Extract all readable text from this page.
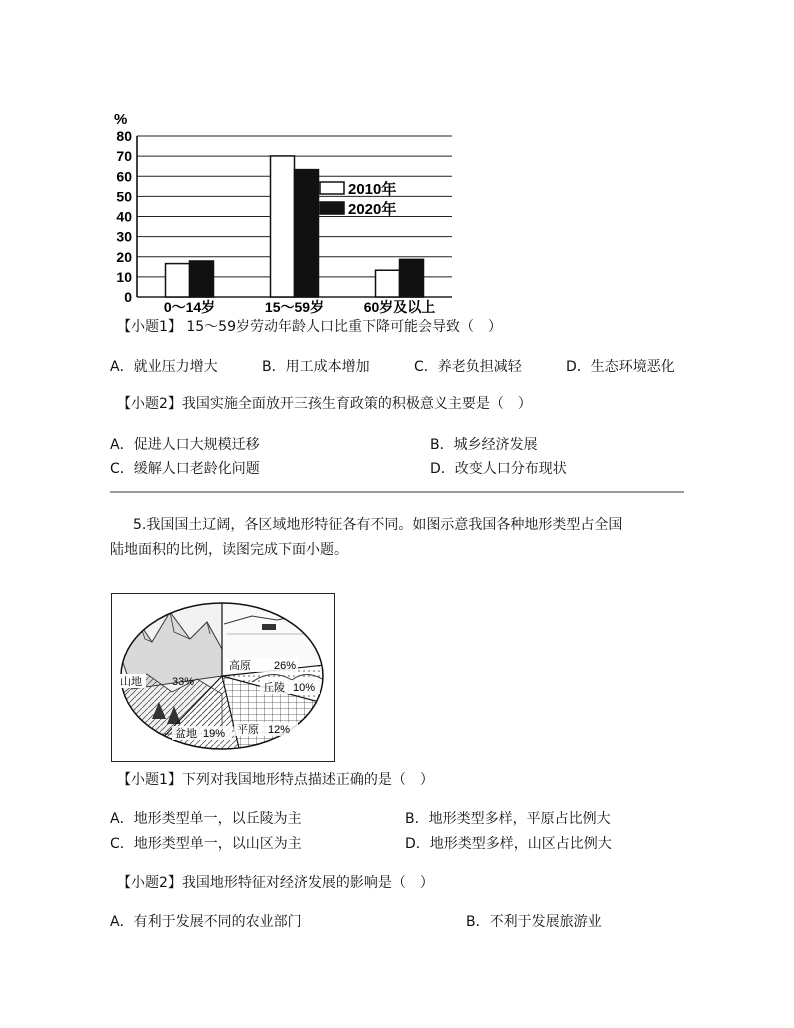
0
10
20
30
40
50
60
70
80
%
0～14岁	15～59岁	60岁及以上
2010年
2020年
【小题1】 15～59岁劳动年龄人口比重下降可能会导致（　）
A．就业压力增大	B．用工成本增加	C．养老负担减轻	D．生态环境恶化
【小题2】我国实施全面放开三孩生育政策的积极意义主要是（　）
A．促进人口大规模迁移	B．城乡经济发展
C．缓解人口老龄化问题	D．改变人口分布现状
5.我国国土辽阔，各区域地形特征各有不同。如图示意我国各种地形类型占全国
陆地面积的比例，读图完成下面小题。
高原 26%
山地	33%	丘陵 10%
盆地 19% 平原 12%
【小题1】下列对我国地形特点描述正确的是（　）
A．地形类型单一，以丘陵为主	B．地形类型多样，平原占比例大
C．地形类型单一，以山区为主	D．地形类型多样，山区占比例大
【小题2】我国地形特征对经济发展的影响是（　）
A．有利于发展不同的农业部门	B．不利于发展旅游业
